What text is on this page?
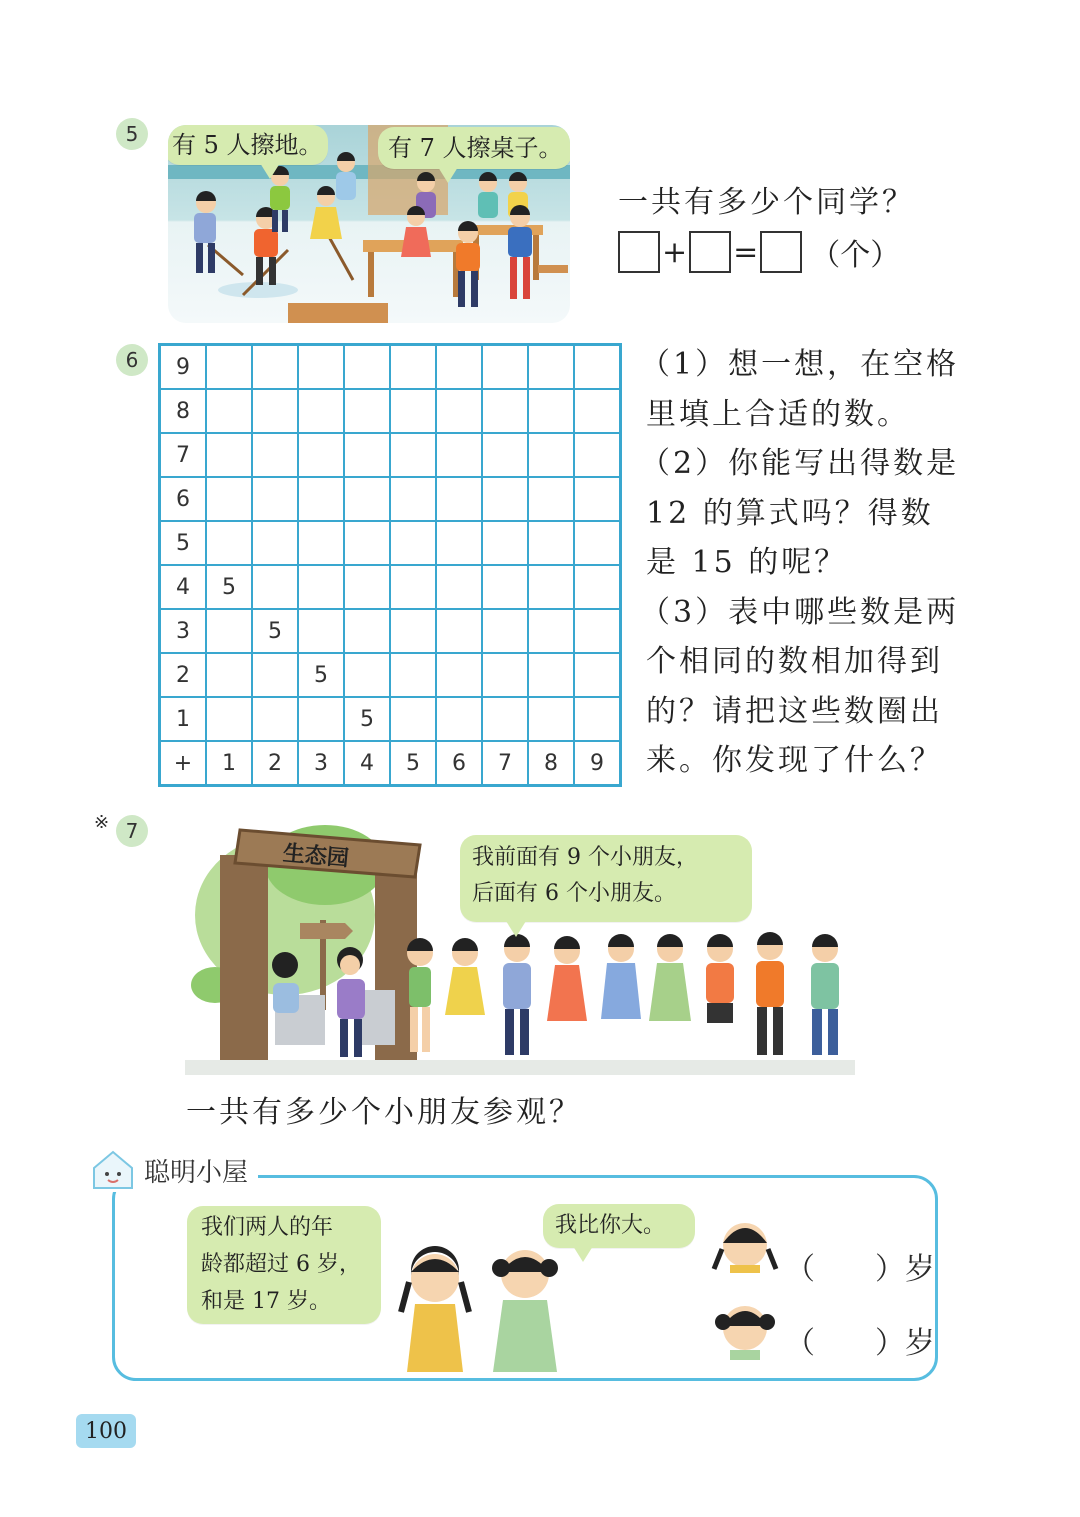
5	有 5 人擦地。	有 7 人擦桌子。
一共有多少个同学？
+ = （个）
6	9									
8									
7									
6									
5									
4	5								
3		5							
2			5						
1				5					
+	1	2	3	4	5	6	7	8	9
（1）想一想，在空格
里填上合适的数。
（2）你能写出得数是
12 的算式吗？得数
是 15 的呢？
（3）表中哪些数是两
个相同的数相加得到
的？请把这些数圈出
来。你发现了什么？
※ 7
生态园	我前面有 9 个小朋友，
后面有 6 个小朋友。
一共有多少个小朋友参观？
我们两人的年
龄都超过 6 岁，
和是 17 岁。
我比你大。
（　　）岁
（　　）岁
聪明小屋
100
